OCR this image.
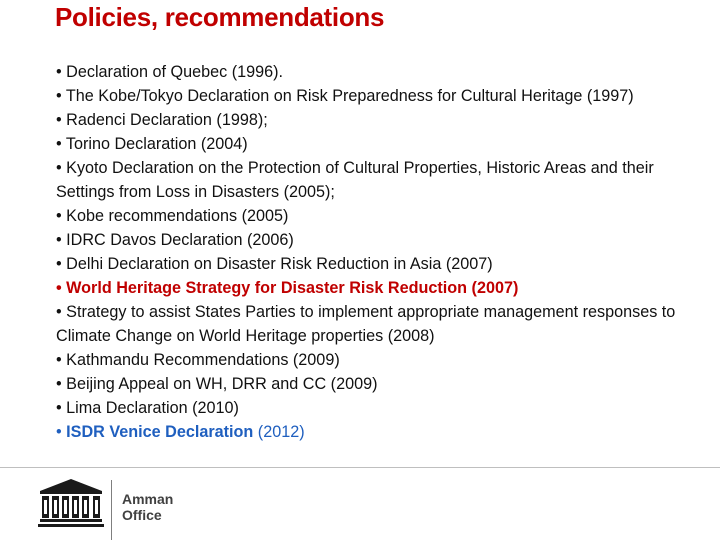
Policies, recommendations
• Declaration of Quebec (1996).
• The Kobe/Tokyo Declaration on Risk Preparedness for Cultural Heritage (1997)
• Radenci Declaration (1998);
• Torino Declaration (2004)
• Kyoto Declaration on the Protection of Cultural Properties, Historic Areas and their Settings from Loss in Disasters (2005);
• Kobe recommendations (2005)
• IDRC Davos Declaration (2006)
• Delhi Declaration on Disaster Risk Reduction in Asia (2007)
• World Heritage Strategy for Disaster Risk Reduction (2007)
• Strategy to assist States Parties to implement appropriate management responses to Climate Change on World Heritage properties (2008)
• Kathmandu Recommendations (2009)
• Beijing Appeal on WH, DRR and CC (2009)
• Lima Declaration (2010)
• ISDR Venice Declaration (2012)
Amman
Office
